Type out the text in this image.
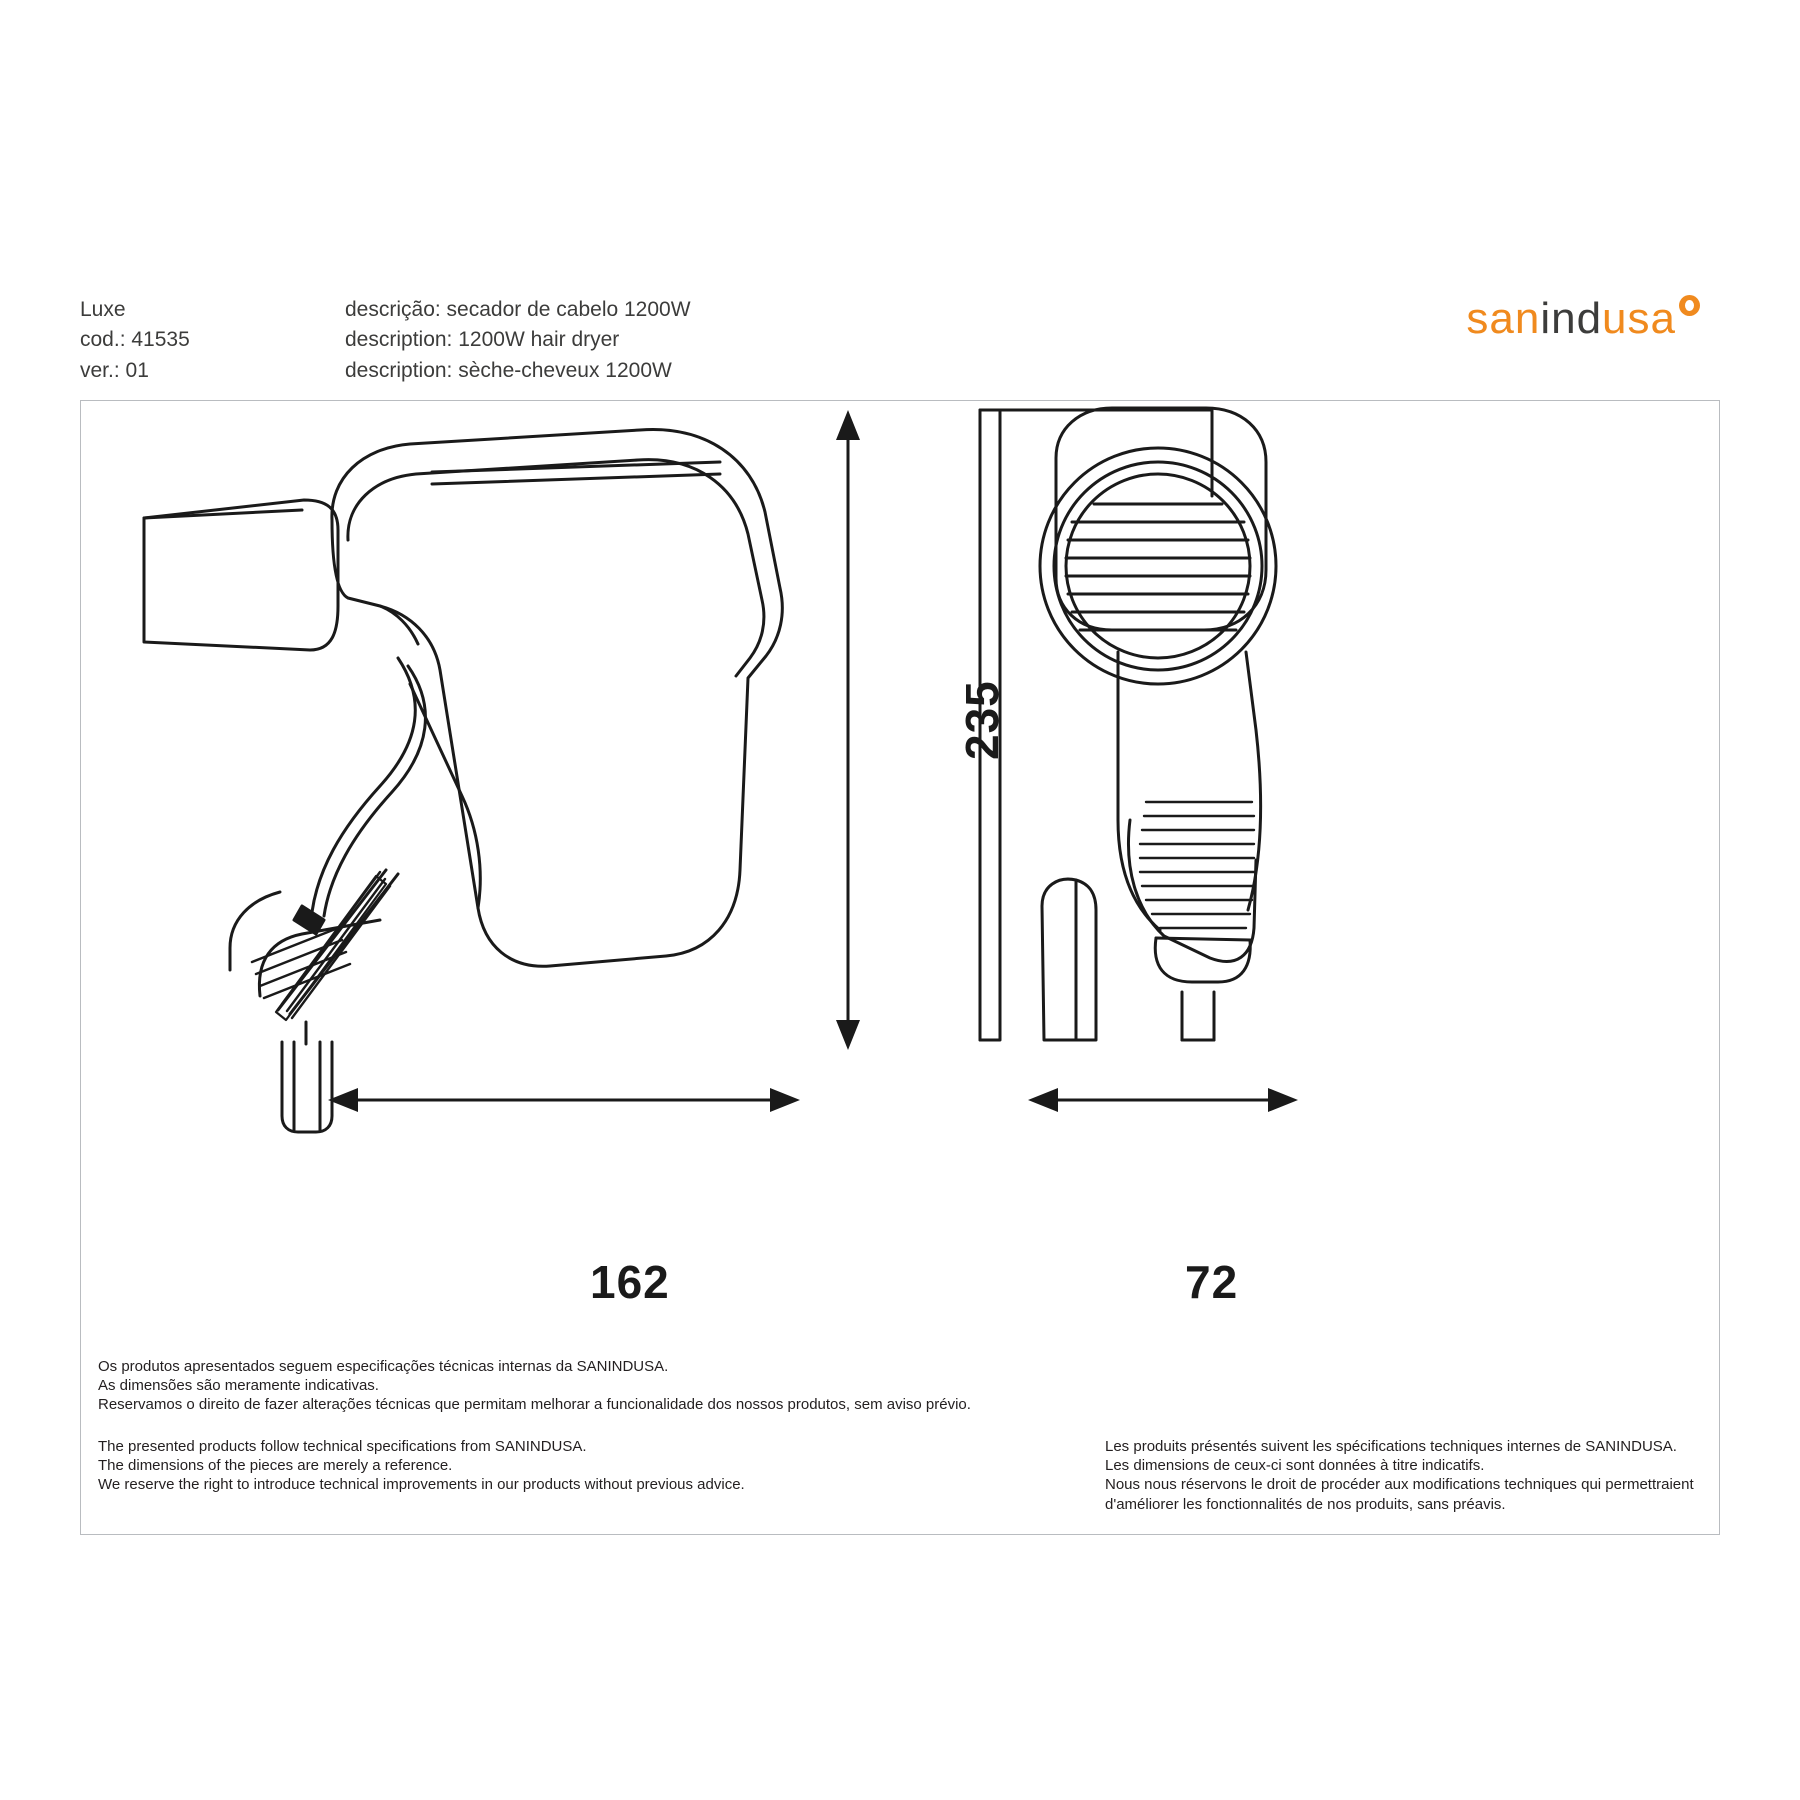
Luxe
cod.: 41535
ver.: 01
descrição: secador de cabelo 1200W
description: 1200W hair dryer
description: sèche-cheveux 1200W
sanindusa
235
162	72
Os produtos apresentados seguem especificações técnicas internas da SANINDUSA.
As dimensões são meramente indicativas.
Reservamos o direito de fazer alterações técnicas que permitam melhorar a funcionalidade dos nossos produtos, sem aviso prévio.
The presented products follow technical specifications from SANINDUSA.
The dimensions of the pieces are merely a reference.
We reserve the right to introduce technical improvements in our products without previous advice.
Les produits présentés suivent les spécifications techniques internes de SANINDUSA.
Les dimensions de ceux-ci sont données à titre indicatifs.
Nous nous réservons le droit de procéder aux modifications techniques qui permettraient
d'améliorer les fonctionnalités de nos produits, sans préavis.
